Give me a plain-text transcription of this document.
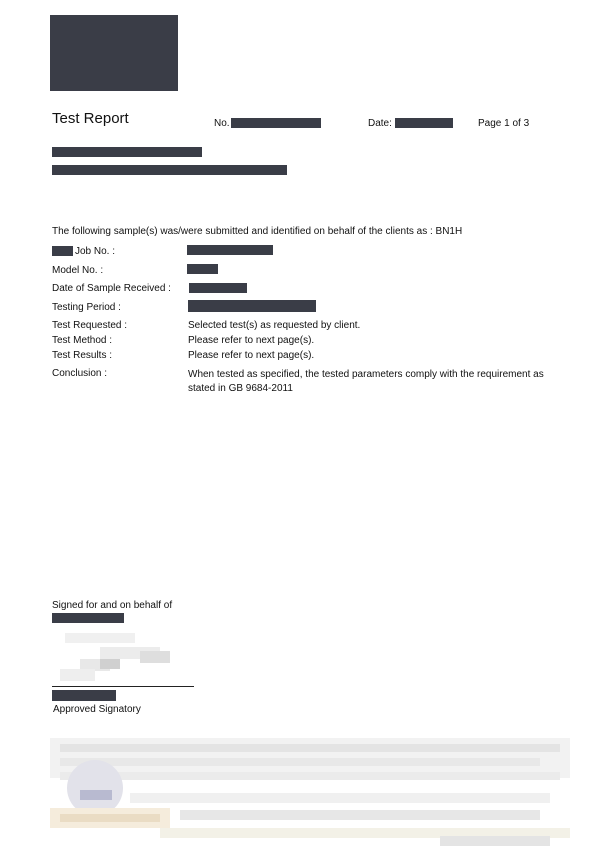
Test Report	No.	Date:	Page 1 of 3
The following sample(s) was/were submitted and identified on behalf of the clients as : BN1H
Job No. :
Model No. :
Date of Sample Received :
Testing Period :
Test Requested :	Selected test(s) as requested by client.
Test Method :	Please refer to next page(s).
Test Results :	Please refer to next page(s).
Conclusion :	When tested as specified, the tested parameters comply with the requirement as stated in GB 9684-2011
Signed for and on behalf of
Approved Signatory
